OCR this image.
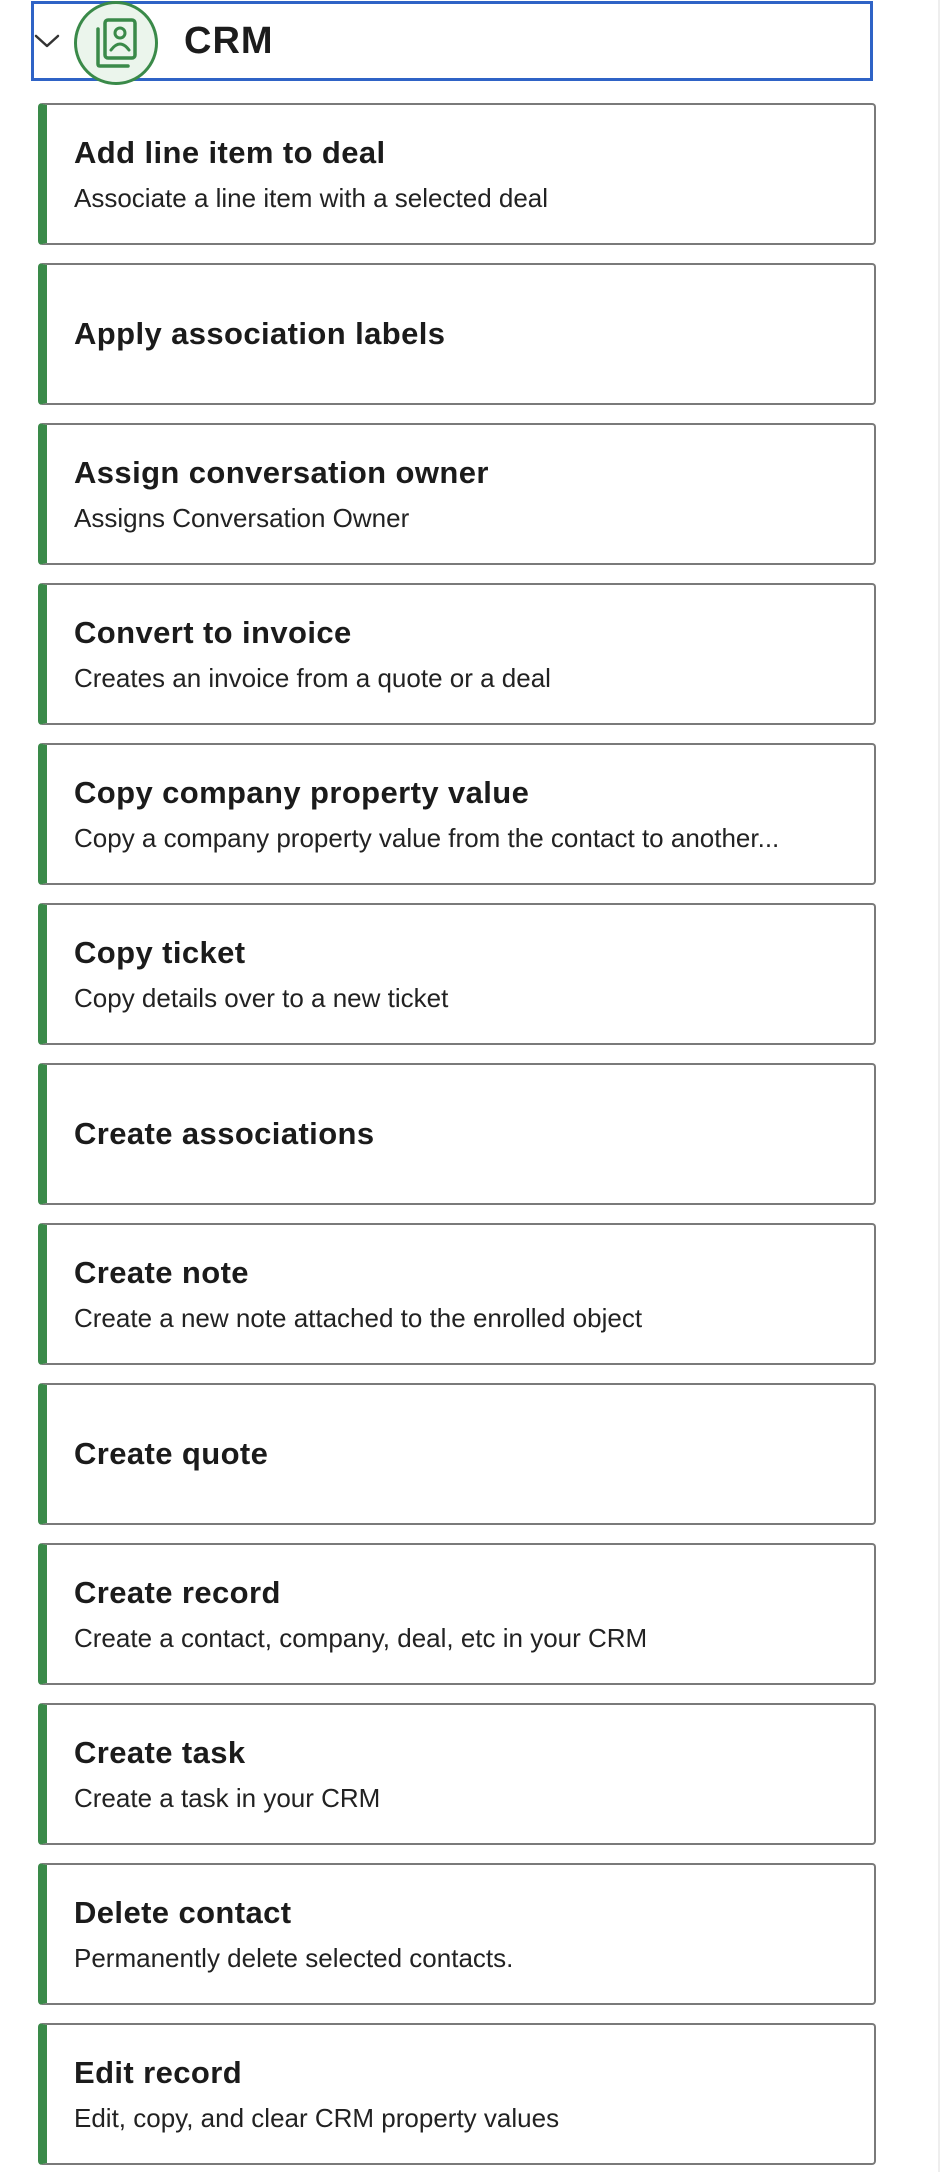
CRM
Add line item to deal
Associate a line item with a selected deal
Apply association labels
Assign conversation owner
Assigns Conversation Owner
Convert to invoice
Creates an invoice from a quote or a deal
Copy company property value
Copy a company property value from the contact to another...
Copy ticket
Copy details over to a new ticket
Create associations
Create note
Create a new note attached to the enrolled object
Create quote
Create record
Create a contact, company, deal, etc in your CRM
Create task
Create a task in your CRM
Delete contact
Permanently delete selected contacts.
Edit record
Edit, copy, and clear CRM property values
